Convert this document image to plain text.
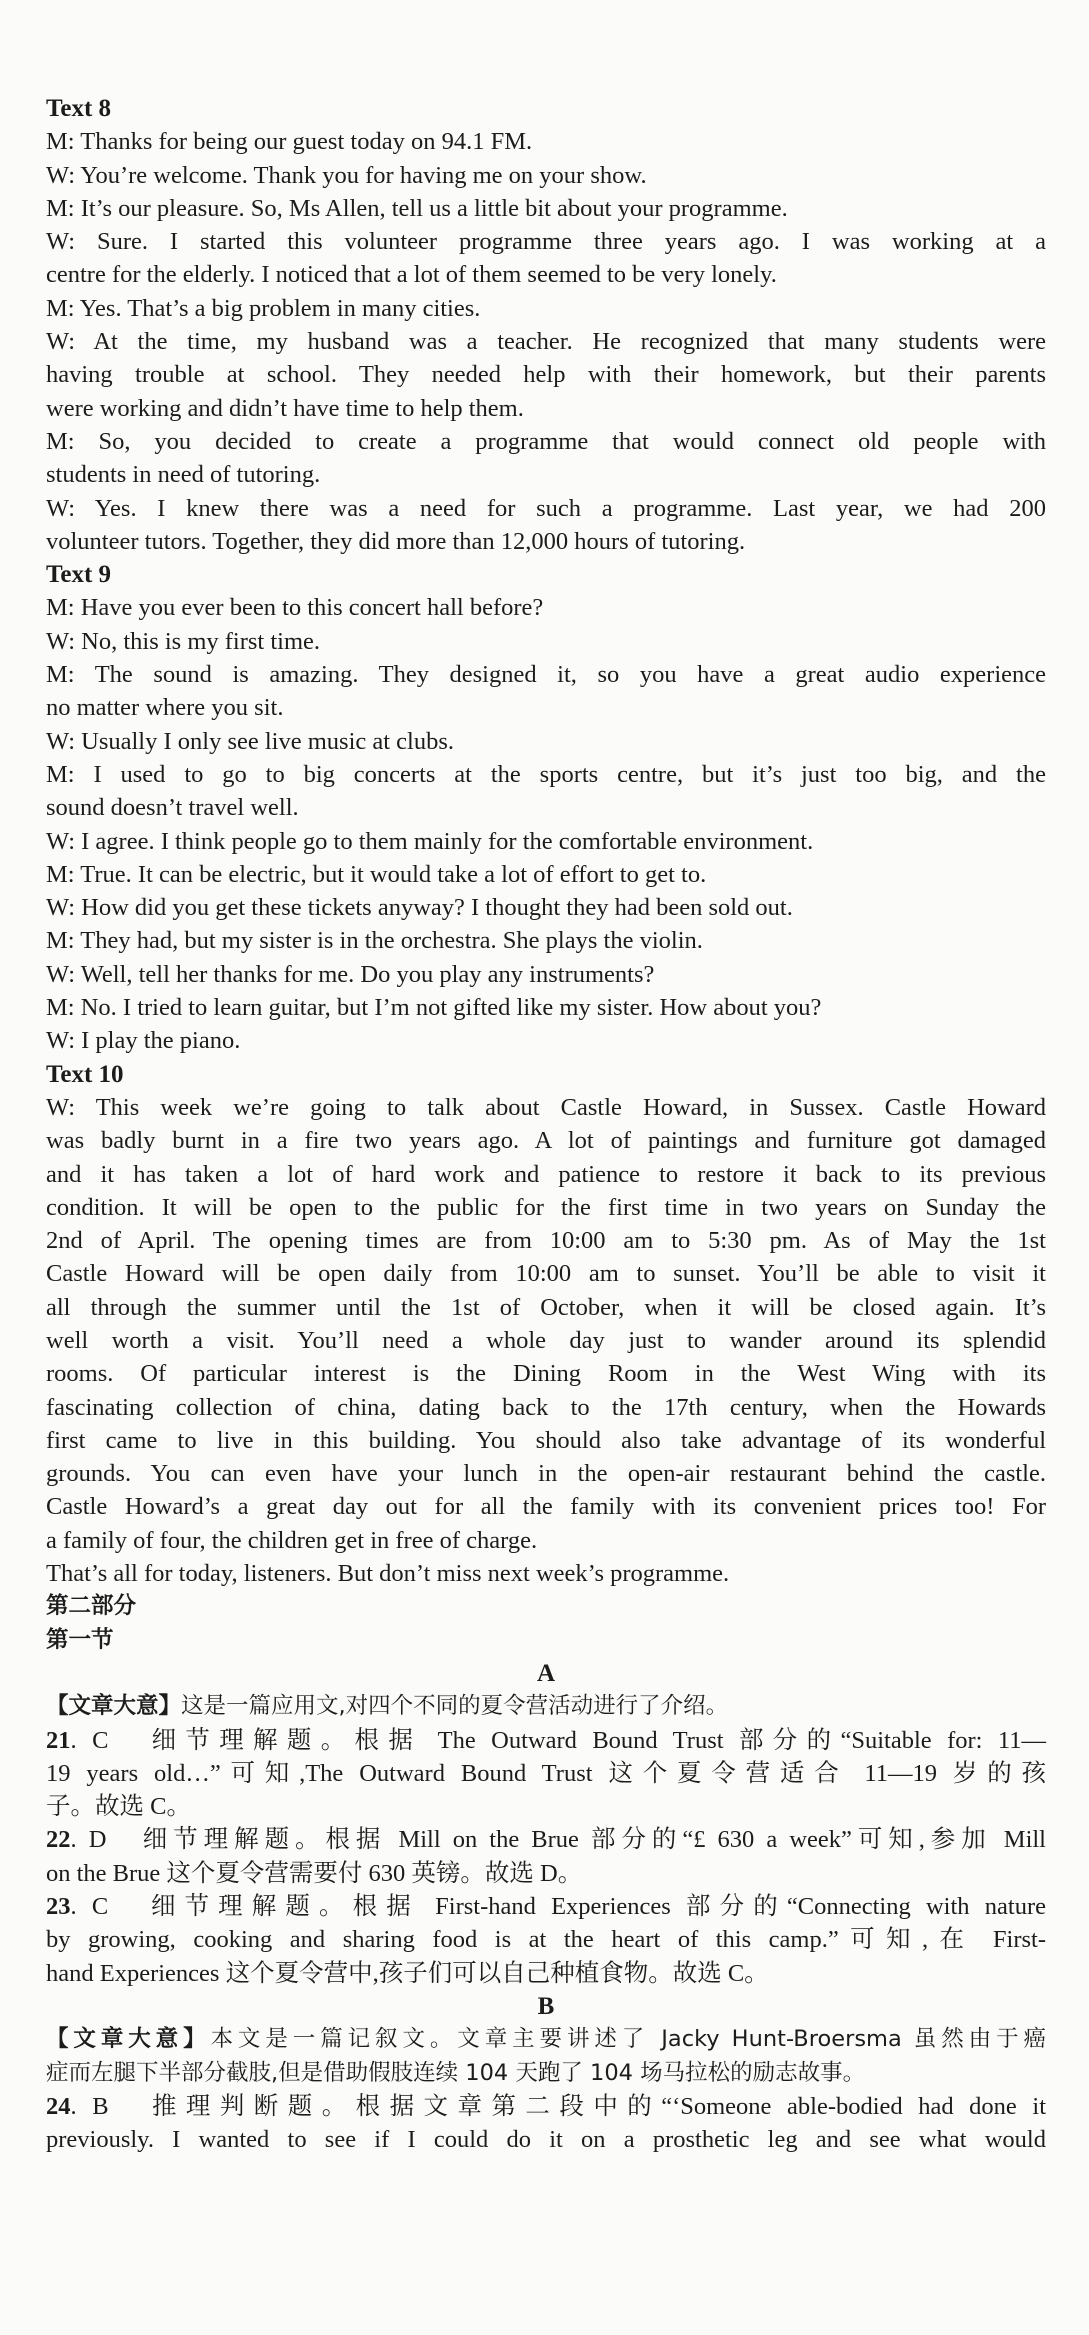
Text 8
M: Thanks for being our guest today on 94.1 FM.
W: You’re welcome. Thank you for having me on your show.
M: It’s our pleasure. So, Ms Allen, tell us a little bit about your programme.
W: Sure. I started this volunteer programme three years ago. I was working at a
centre for the elderly. I noticed that a lot of them seemed to be very lonely.
M: Yes. That’s a big problem in many cities.
W: At the time, my husband was a teacher. He recognized that many students were
having trouble at school. They needed help with their homework, but their parents
were working and didn’t have time to help them.
M: So, you decided to create a programme that would connect old people with
students in need of tutoring.
W: Yes. I knew there was a need for such a programme. Last year, we had 200
volunteer tutors. Together, they did more than 12,000 hours of tutoring.
Text 9
M: Have you ever been to this concert hall before?
W: No, this is my first time.
M: The sound is amazing. They designed it, so you have a great audio experience
no matter where you sit.
W: Usually I only see live music at clubs.
M: I used to go to big concerts at the sports centre, but it’s just too big, and the
sound doesn’t travel well.
W: I agree. I think people go to them mainly for the comfortable environment.
M: True. It can be electric, but it would take a lot of effort to get to.
W: How did you get these tickets anyway? I thought they had been sold out.
M: They had, but my sister is in the orchestra. She plays the violin.
W: Well, tell her thanks for me. Do you play any instruments?
M: No. I tried to learn guitar, but I’m not gifted like my sister. How about you?
W: I play the piano.
Text 10
W: This week we’re going to talk about Castle Howard, in Sussex. Castle Howard
was badly burnt in a fire two years ago. A lot of paintings and furniture got damaged
and it has taken a lot of hard work and patience to restore it back to its previous
condition. It will be open to the public for the first time in two years on Sunday the
2nd of April. The opening times are from 10:00 am to 5:30 pm. As of May the 1st
Castle Howard will be open daily from 10:00 am to sunset. You’ll be able to visit it
all through the summer until the 1st of October, when it will be closed again. It’s
well worth a visit. You’ll need a whole day just to wander around its splendid
rooms. Of particular interest is the Dining Room in the West Wing with its
fascinating collection of china, dating back to the 17th century, when the Howards
first came to live in this building. You should also take advantage of its wonderful
grounds. You can even have your lunch in the open-air restaurant behind the castle.
Castle Howard’s a great day out for all the family with its convenient prices too! For
a family of four, the children get in free of charge.
That’s all for today, listeners. But don’t miss next week’s programme.
第二部分
第一节
A
【文章大意】这是一篇应用文,对四个不同的夏令营活动进行了介绍。
21. C　细节理解题。根据 The Outward Bound Trust 部分的“Suitable for: 11—
19 years old…”可知,The Outward Bound Trust 这个夏令营适合 11—19 岁的孩
子。故选 C。
22. D　细节理解题。根据 Mill on the Brue 部分的“£ 630 a week”可知,参加 Mill
on the Brue 这个夏令营需要付 630 英镑。故选 D。
23. C　细节理解题。根据 First-hand Experiences 部分的“Connecting with nature
by growing, cooking and sharing food is at the heart of this camp.”可知,在 First-
hand Experiences 这个夏令营中,孩子们可以自己种植食物。故选 C。
B
【文章大意】本文是一篇记叙文。文章主要讲述了 Jacky Hunt-Broersma 虽然由于癌
症而左腿下半部分截肢,但是借助假肢连续 104 天跑了 104 场马拉松的励志故事。
24. B　推理判断题。根据文章第二段中的“‘Someone able-bodied had done it
previously. I wanted to see if I could do it on a prosthetic leg and see what would
